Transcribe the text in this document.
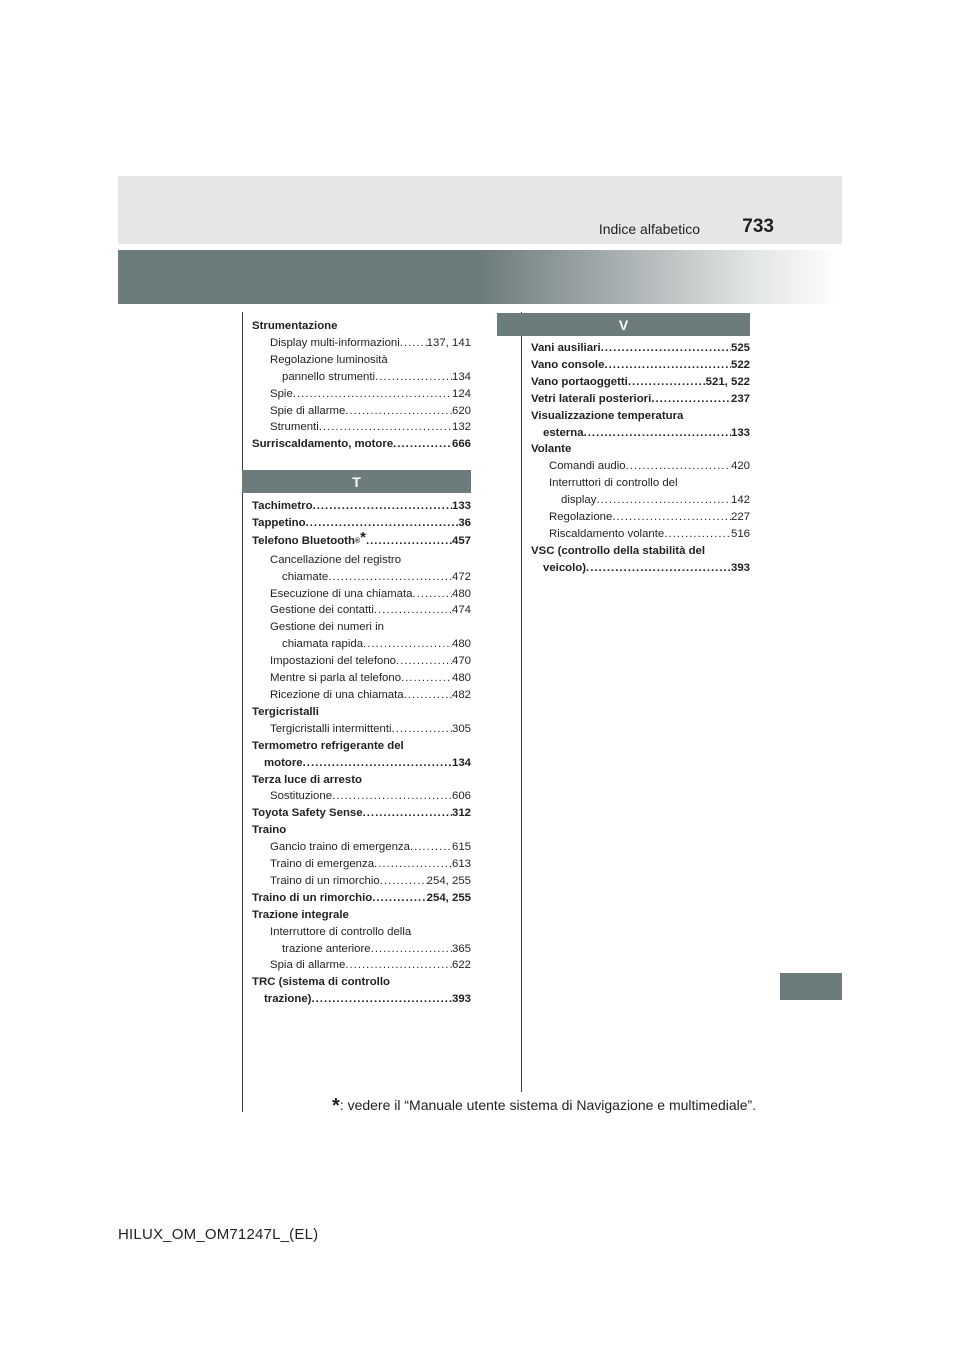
Indice alfabetico 733
Strumentazione
Display multi-informazioni ..... 137, 141
Regolazione luminosità
pannello strumenti .....	134
Spie .....	124
Spie di allarme .....	620
Strumenti .....	132
Surriscaldamento, motore .....	666
T
Tachimetro .....	133
Tappetino .....	36
Telefono Bluetooth ® * .....	457
Cancellazione del registro
chiamate .....	472
Esecuzione di una chiamata .....	480
Gestione dei contatti .....	474
Gestione dei numeri in
chiamata rapida .....	480
Impostazioni del telefono .....	470
Mentre si parla al telefono .....	480
Ricezione di una chiamata .....	482
Tergicristalli
Tergicristalli intermittenti .....	305
Termometro refrigerante del
motore .....	134
Terza luce di arresto
Sostituzione .....	606
Toyota Safety Sense .....	312
Traino
Gancio traino di emergenza .....	615
Traino di emergenza .....	613
Traino di un rimorchio .....	254, 255
Traino di un rimorchio .....	254, 255
Trazione integrale
Interruttore di controllo della
trazione anteriore .....	365
Spia di allarme .....	622
TRC (sistema di controllo
trazione) .....	393
V
Vani ausiliari .....	525
Vano console .....	522
Vano portaoggetti .....	521, 522
Vetri laterali posteriori .....	237
Visualizzazione temperatura
esterna .....	133
Volante
Comandi audio .....	420
Interruttori di controllo del
display .....	142
Regolazione .....	227
Riscaldamento volante .....	516
VSC (controllo della stabilità del
veicolo) .....	393
*: vedere il “Manuale utente sistema di Navigazione e multimediale”.
HILUX_OM_OM71247L_(EL)
